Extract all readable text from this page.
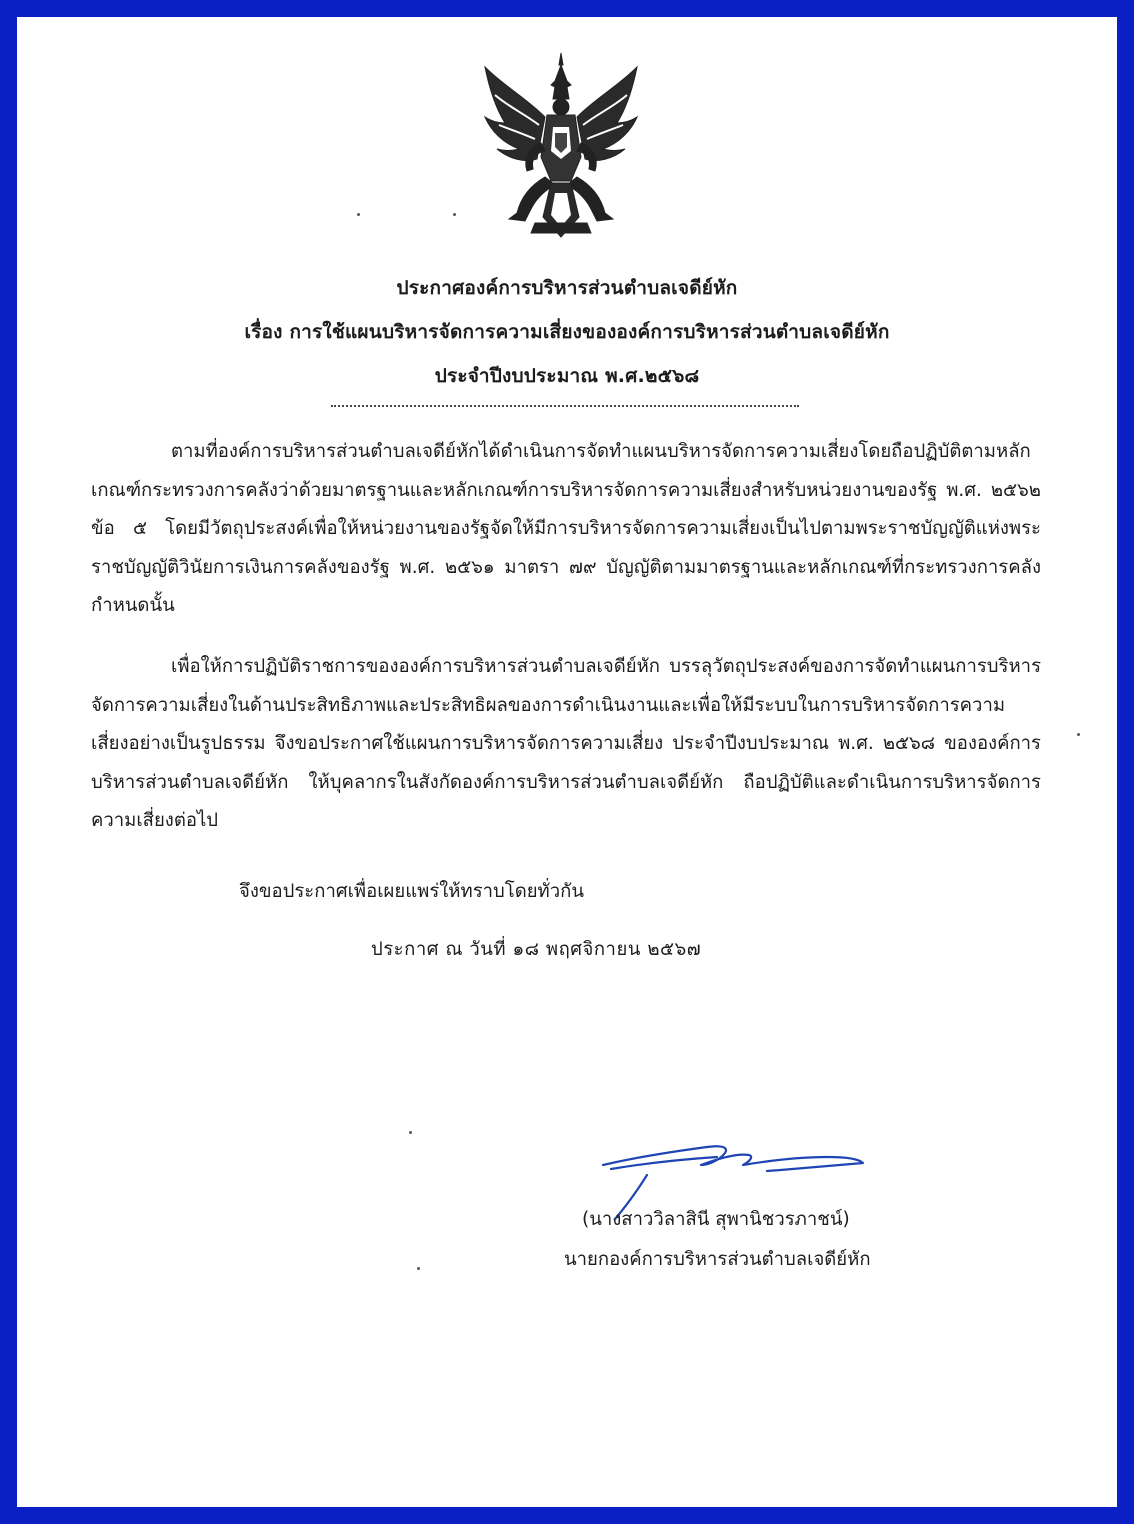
ประกาศองค์การบริหารส่วนตำบลเจดีย์หัก
เรื่อง การใช้แผนบริหารจัดการความเสี่ยงขององค์การบริหารส่วนตำบลเจดีย์หัก
ประจำปีงบประมาณ พ.ศ.๒๕๖๘
ตามที่องค์การบริหารส่วนตำบลเจดีย์หักได้ดำเนินการจัดทำแผนบริหารจัดการความเสี่ยงโดยถือปฏิบัติตามหลักเกณฑ์กระทรวงการคลังว่าด้วยมาตรฐานและหลักเกณฑ์การบริหารจัดการความเสี่ยงสำหรับหน่วยงานของรัฐ พ.ศ. ๒๕๖๒ ข้อ ๕ โดยมีวัตถุประสงค์เพื่อให้หน่วยงานของรัฐจัดให้มีการบริหารจัดการความเสี่ยงเป็นไปตามพระราชบัญญัติแห่งพระราชบัญญัติวินัยการเงินการคลังของรัฐ พ.ศ. ๒๕๖๑ มาตรา ๗๙ บัญญัติตามมาตรฐานและหลักเกณฑ์ที่กระทรวงการคลังกำหนดนั้น
เพื่อให้การปฏิบัติราชการขององค์การบริหารส่วนตำบลเจดีย์หัก บรรลุวัตถุประสงค์ของการจัดทำแผนการบริหารจัดการความเสี่ยงในด้านประสิทธิภาพและประสิทธิผลของการดำเนินงานและเพื่อให้มีระบบในการบริหารจัดการความเสี่ยงอย่างเป็นรูปธรรม จึงขอประกาศใช้แผนการบริหารจัดการความเสี่ยง ประจำปีงบประมาณ พ.ศ. ๒๕๖๘ ขององค์การบริหารส่วนตำบลเจดีย์หัก ให้บุคลากรในสังกัดองค์การบริหารส่วนตำบลเจดีย์หัก ถือปฏิบัติและดำเนินการบริหารจัดการความเสี่ยงต่อไป
จึงขอประกาศเพื่อเผยแพร่ให้ทราบโดยทั่วกัน
ประกาศ ณ วันที่ ๑๘ พฤศจิกายน ๒๕๖๗
(นางสาววิลาสินี สุพานิชวรภาชน์)
นายกองค์การบริหารส่วนตำบลเจดีย์หัก
